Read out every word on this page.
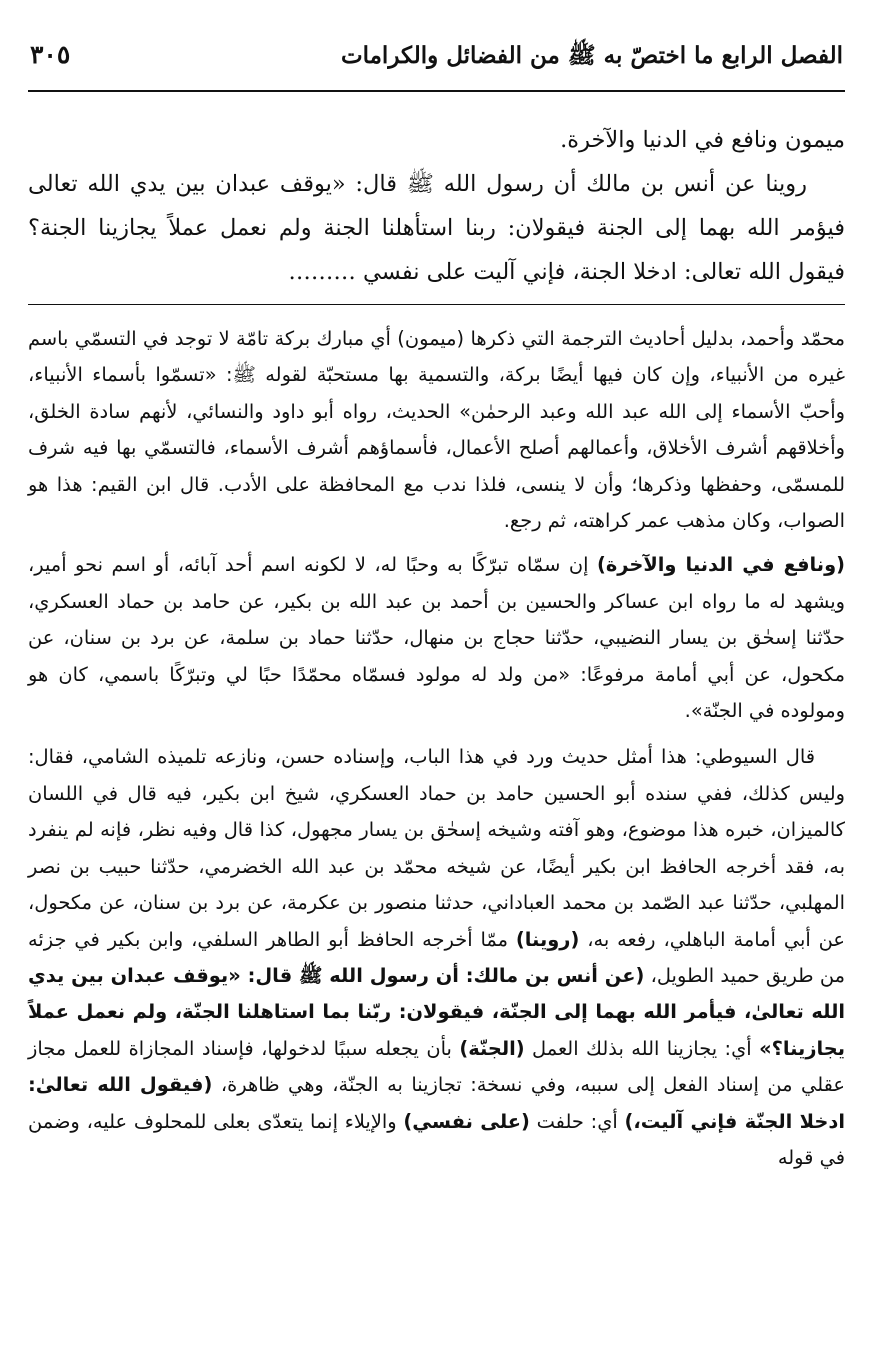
الفصل الرابع ما اختصّ به ﷺ من الفضائل والكرامات
٣٠٥

ميمون ونافع في الدنيا والآخرة.

روينا عن أنس بن مالك أن رسول الله ﷺ قال: «يوقف عبدان بين يدي الله تعالى فيؤمر الله بهما إلى الجنة فيقولان: ربنا استأهلنا الجنة ولم نعمل عملاً يجازينا الجنة؟ فيقول الله تعالى: ادخلا الجنة، فإني آليت على نفسي ………

محمّد وأحمد، بدليل أحاديث الترجمة التي ذكرها (ميمون) أي مبارك بركة تامّة لا توجد في التسمّي باسم غيره من الأنبياء، وإن كان فيها أيضًا بركة، والتسمية بها مستحبّة لقوله ﷺ: «تسمّوا بأسماء الأنبياء، وأحبّ الأسماء إلى الله عبد الله وعبد الرحمٰن» الحديث، رواه أبو داود والنسائي، لأنهم سادة الخلق، وأخلاقهم أشرف الأخلاق، وأعمالهم أصلح الأعمال، فأسماؤهم أشرف الأسماء، فالتسمّي بها فيه شرف للمسمّى، وحفظها وذكرها؛ وأن لا ينسى، فلذا ندب مع المحافظة على الأدب. قال ابن القيم: هذا هو الصواب، وكان مذهب عمر كراهته، ثم رجع.

(ونافع في الدنيا والآخرة) إن سمّاه تبرّكًا به وحبًا له، لا لكونه اسم أحد آبائه، أو اسم نحو أمير، ويشهد له ما رواه ابن عساكر والحسين بن أحمد بن عبد الله بن بكير، عن حامد بن حماد العسكري، حدّثنا إسحٰق بن يسار النضيبي، حدّثنا حجاج بن منهال، حدّثنا حماد بن سلمة، عن برد بن سنان، عن مكحول، عن أبي أمامة مرفوعًا: «من ولد له مولود فسمّاه محمّدًا حبًا لي وتبرّكًا باسمي، كان هو ومولوده في الجنّة».

قال السيوطي: هذا أمثل حديث ورد في هذا الباب، وإسناده حسن، ونازعه تلميذه الشامي، فقال: وليس كذلك، ففي سنده أبو الحسين حامد بن حماد العسكري، شيخ ابن بكير، فيه قال في اللسان كالميزان، خبره هذا موضوع، وهو آفته وشيخه إسحٰق بن يسار مجهول، كذا قال وفيه نظر، فإنه لم ينفرد به، فقد أخرجه الحافظ ابن بكير أيضًا، عن شيخه محمّد بن عبد الله الخضرمي، حدّثنا حبيب بن نصر المهلبي، حدّثنا عبد الصّمد بن محمد العباداني، حدثنا منصور بن عكرمة، عن برد بن سنان، عن مكحول، عن أبي أمامة الباهلي، رفعه به، (روينا) ممّا أخرجه الحافظ أبو الطاهر السلفي، وابن بكير في جزئه من طريق حميد الطويل، (عن أنس بن مالك: أن رسول الله ﷺ قال: «يوقف عبدان بين يدي الله تعالىٰ، فيأمر الله بهما إلى الجنّة، فيقولان: ربّنا بما استاهلنا الجنّة، ولم نعمل عملاً يجازينا؟» أي: يجازينا الله بذلك العمل (الجنّة) بأن يجعله سببًا لدخولها، فإسناد المجازاة للعمل مجاز عقلي من إسناد الفعل إلى سببه، وفي نسخة: تجازينا به الجنّة، وهي ظاهرة، (فيقول الله تعالىٰ: ادخلا الجنّة فإني آليت،) أي: حلفت (على نفسي) والإيلاء إنما يتعدّى بعلى للمحلوف عليه، وضمن في قوله
